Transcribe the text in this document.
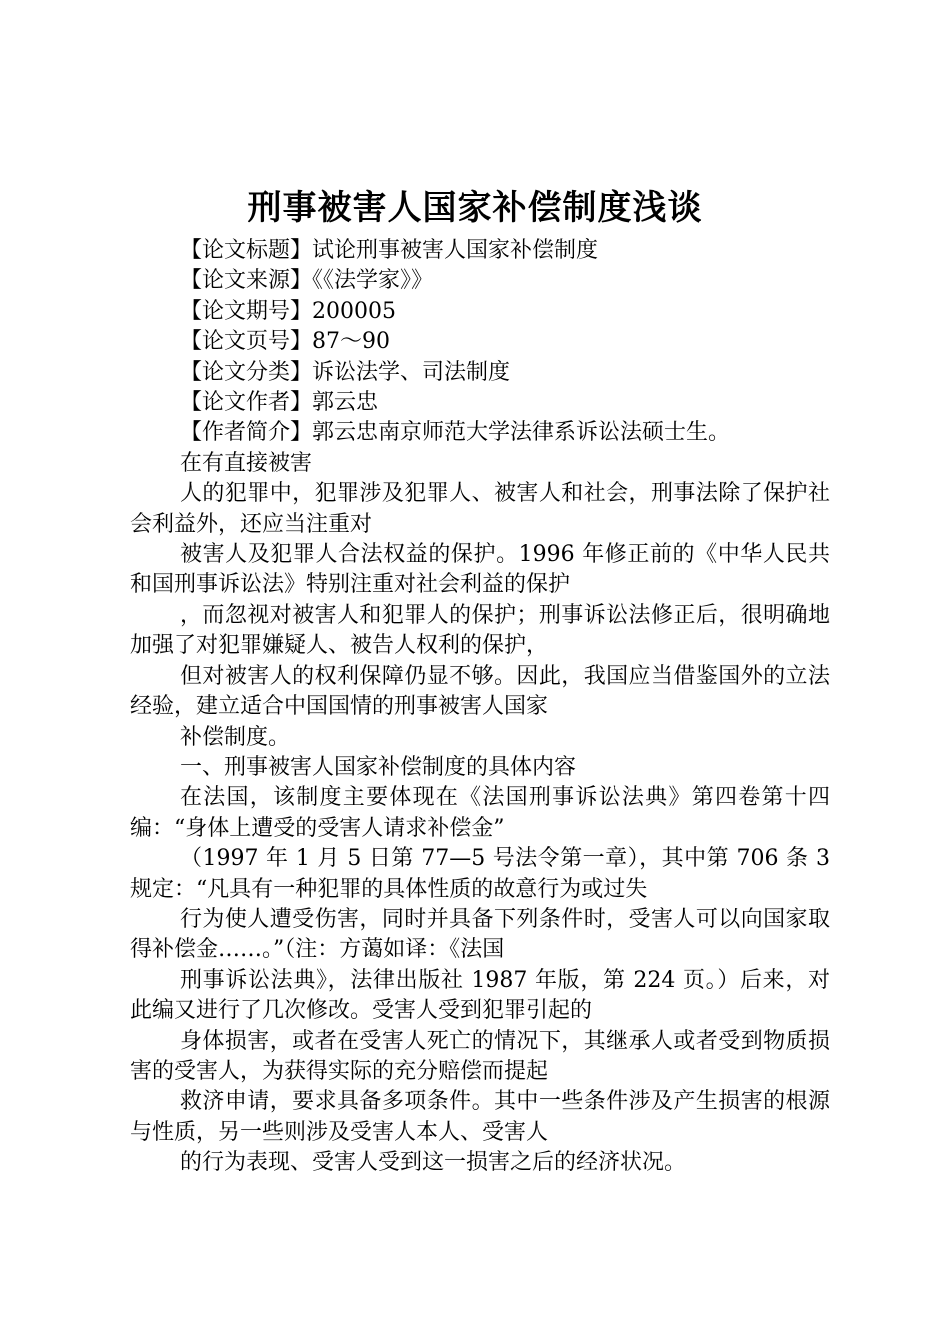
刑事被害人国家补偿制度浅谈

【论文标题】试论刑事被害人国家补偿制度

【论文来源】《《法学家》》

【论文期号】200005

【论文页号】87～90

【论文分类】诉讼法学、司法制度

【论文作者】郭云忠

【作者简介】郭云忠南京师范大学法律系诉讼法硕士生。

在有直接被害

人的犯罪中，犯罪涉及犯罪人、被害人和社会，刑事法除了保护社会利益外，还应当注重对

被害人及犯罪人合法权益的保护。1996 年修正前的《中华人民共和国刑事诉讼法》特别注重对社会利益的保护

，而忽视对被害人和犯罪人的保护；刑事诉讼法修正后，很明确地加强了对犯罪嫌疑人、被告人权利的保护，

但对被害人的权利保障仍显不够。因此，我国应当借鉴国外的立法经验，建立适合中国国情的刑事被害人国家

补偿制度。

一、刑事被害人国家补偿制度的具体内容

在法国，该制度主要体现在《法国刑事诉讼法典》第四卷第十四编：“身体上遭受的受害人请求补偿金”

（1997 年 1 月 5 日第 77—5 号法令第一章），其中第 706 条 3 规定：“凡具有一种犯罪的具体性质的故意行为或过失

行为使人遭受伤害，同时并具备下列条件时，受害人可以向国家取得补偿金……。”（注：方蔼如译：《法国

刑事诉讼法典》，法律出版社 1987 年版，第 224 页。）后来，对此编又进行了几次修改。受害人受到犯罪引起的

身体损害，或者在受害人死亡的情况下，其继承人或者受到物质损害的受害人，为获得实际的充分赔偿而提起

救济申请，要求具备多项条件。其中一些条件涉及产生损害的根源与性质，另一些则涉及受害人本人、受害人

的行为表现、受害人受到这一损害之后的经济状况。
